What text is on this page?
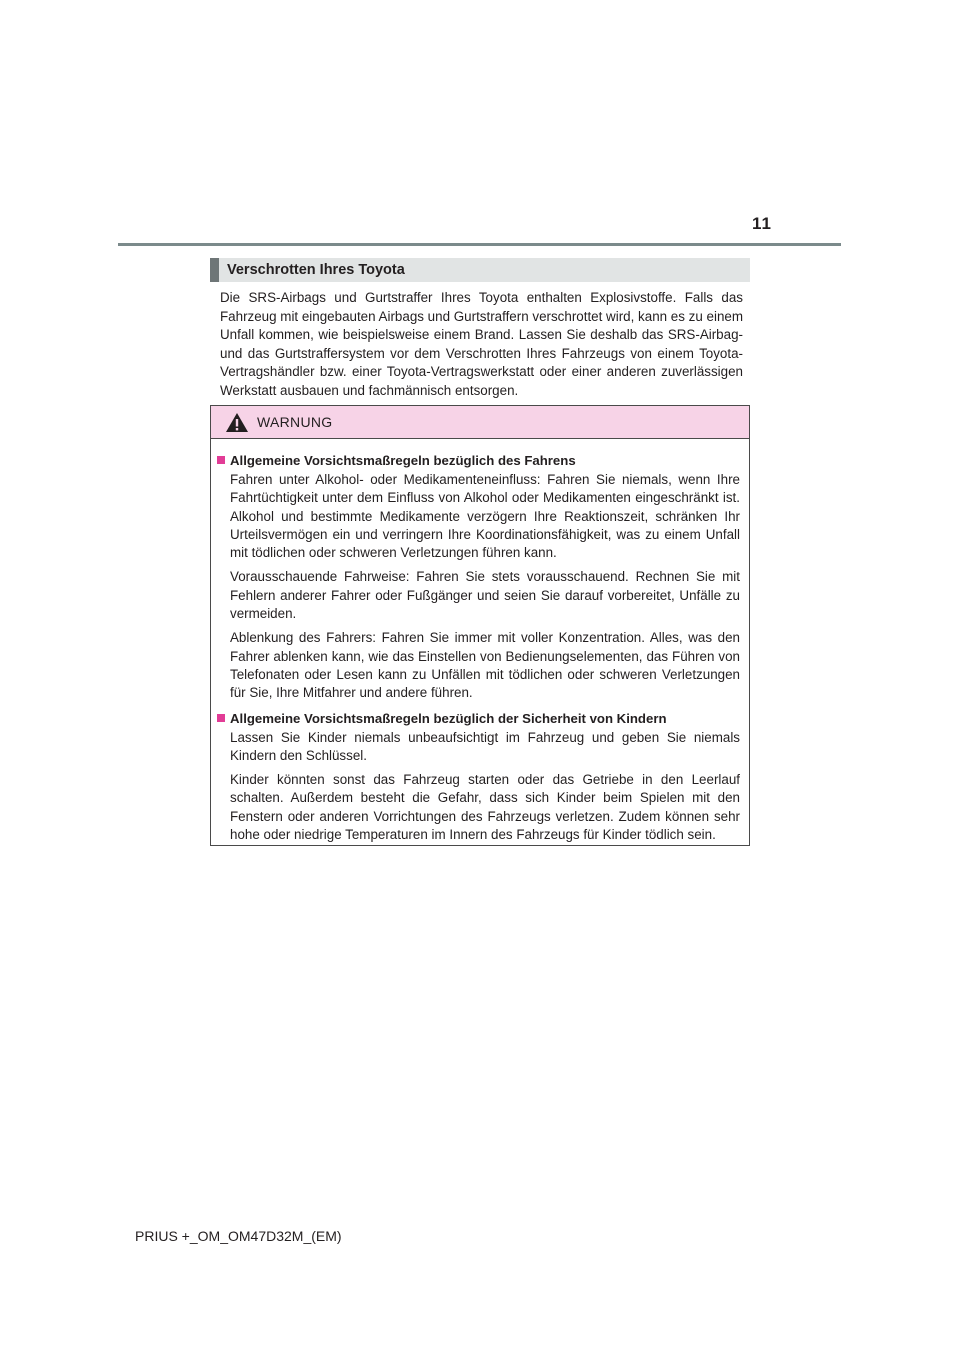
11
Verschrotten Ihres Toyota

Die SRS-Airbags und Gurtstraffer Ihres Toyota enthalten Explosivstoffe. Falls das Fahrzeug mit eingebauten Airbags und Gurtstraffern verschrottet wird, kann es zu einem Unfall kommen, wie beispielsweise einem Brand. Lassen Sie deshalb das SRS-Airbag- und das Gurtstraffersystem vor dem Verschrotten Ihres Fahrzeugs von einem Toyota-Vertragshändler bzw. einer Toyota-Vertragswerkstatt oder einer anderen zuverlässigen Werkstatt ausbauen und fachmännisch entsorgen.

WARNUNG
Allgemeine Vorsichtsmaßregeln bezüglich des Fahrens

Fahren unter Alkohol- oder Medikamenteneinfluss: Fahren Sie niemals, wenn Ihre Fahrtüchtigkeit unter dem Einfluss von Alkohol oder Medikamenten eingeschränkt ist. Alkohol und bestimmte Medikamente verzögern Ihre Reaktionszeit, schränken Ihr Urteilsvermögen ein und verringern Ihre Koordinationsfähigkeit, was zu einem Unfall mit tödlichen oder schweren Verletzungen führen kann.

Vorausschauende Fahrweise: Fahren Sie stets vorausschauend. Rechnen Sie mit Fehlern anderer Fahrer oder Fußgänger und seien Sie darauf vorbereitet, Unfälle zu vermeiden.

Ablenkung des Fahrers: Fahren Sie immer mit voller Konzentration. Alles, was den Fahrer ablenken kann, wie das Einstellen von Bedienungselementen, das Führen von Telefonaten oder Lesen kann zu Unfällen mit tödlichen oder schweren Verletzungen für Sie, Ihre Mitfahrer und andere führen.

Allgemeine Vorsichtsmaßregeln bezüglich der Sicherheit von Kindern

Lassen Sie Kinder niemals unbeaufsichtigt im Fahrzeug und geben Sie niemals Kindern den Schlüssel.

Kinder könnten sonst das Fahrzeug starten oder das Getriebe in den Leerlauf schalten. Außerdem besteht die Gefahr, dass sich Kinder beim Spielen mit den Fenstern oder anderen Vorrichtungen des Fahrzeugs verletzen. Zudem können sehr hohe oder niedrige Temperaturen im Innern des Fahrzeugs für Kinder tödlich sein.

PRIUS +_OM_OM47D32M_(EM)
